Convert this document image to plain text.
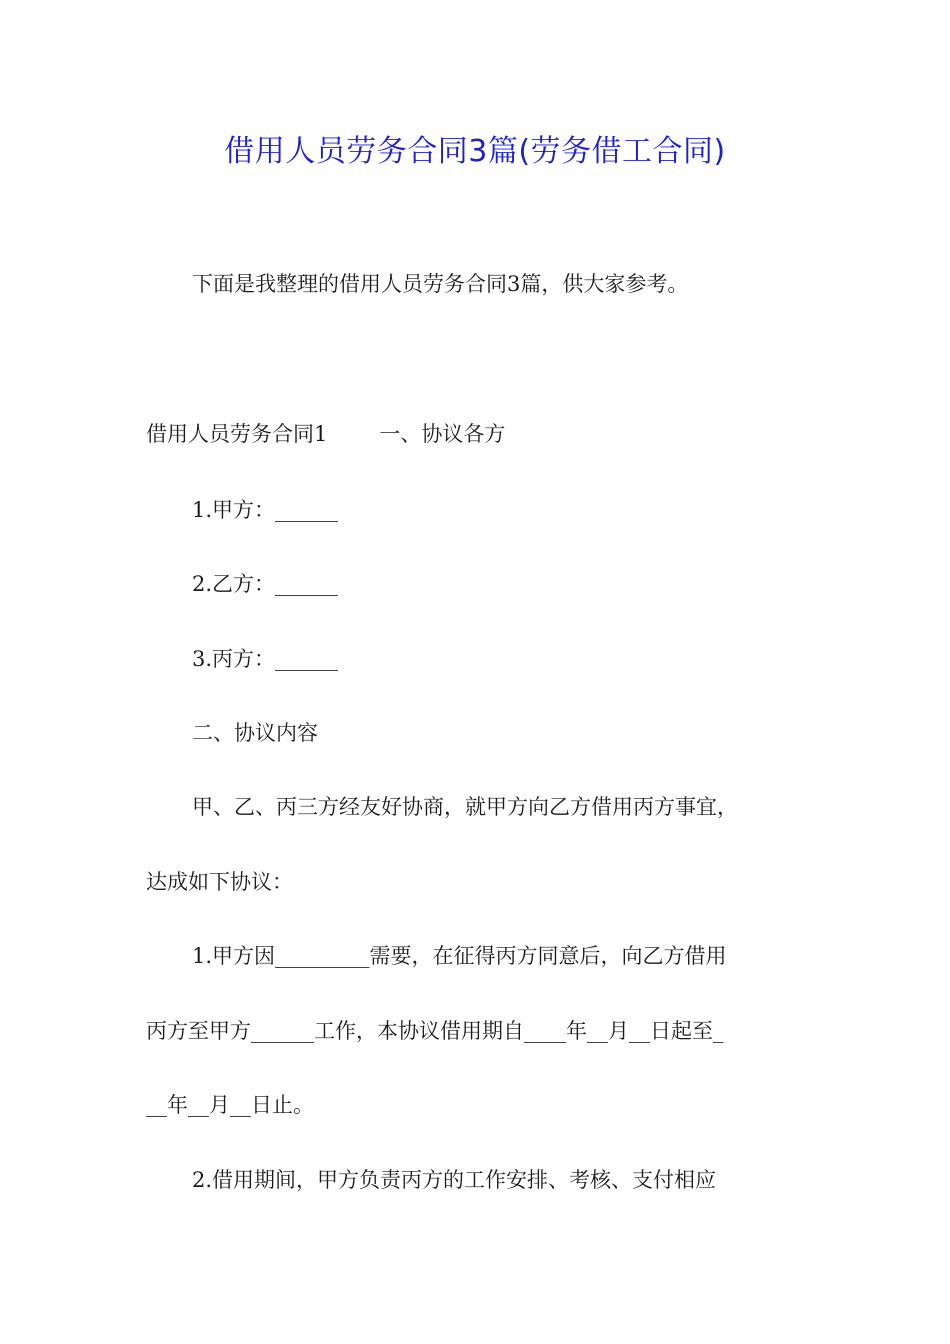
借用人员劳务合同3篇(劳务借工合同)

下面是我整理的借用人员劳务合同3篇，供大家参考。

借用人员劳务合同1 一、协议各方

1.甲方：______

2.乙方：______

3.丙方：______

二、协议内容

甲、乙、丙三方经友好协商，就甲方向乙方借用丙方事宜，

达成如下协议：

1.甲方因_________需要，在征得丙方同意后，向乙方借用

丙方至甲方______工作，本协议借用期自____年__月__日起至_

__年__月__日止。

2.借用期间，甲方负责丙方的工作安排、考核、支付相应
